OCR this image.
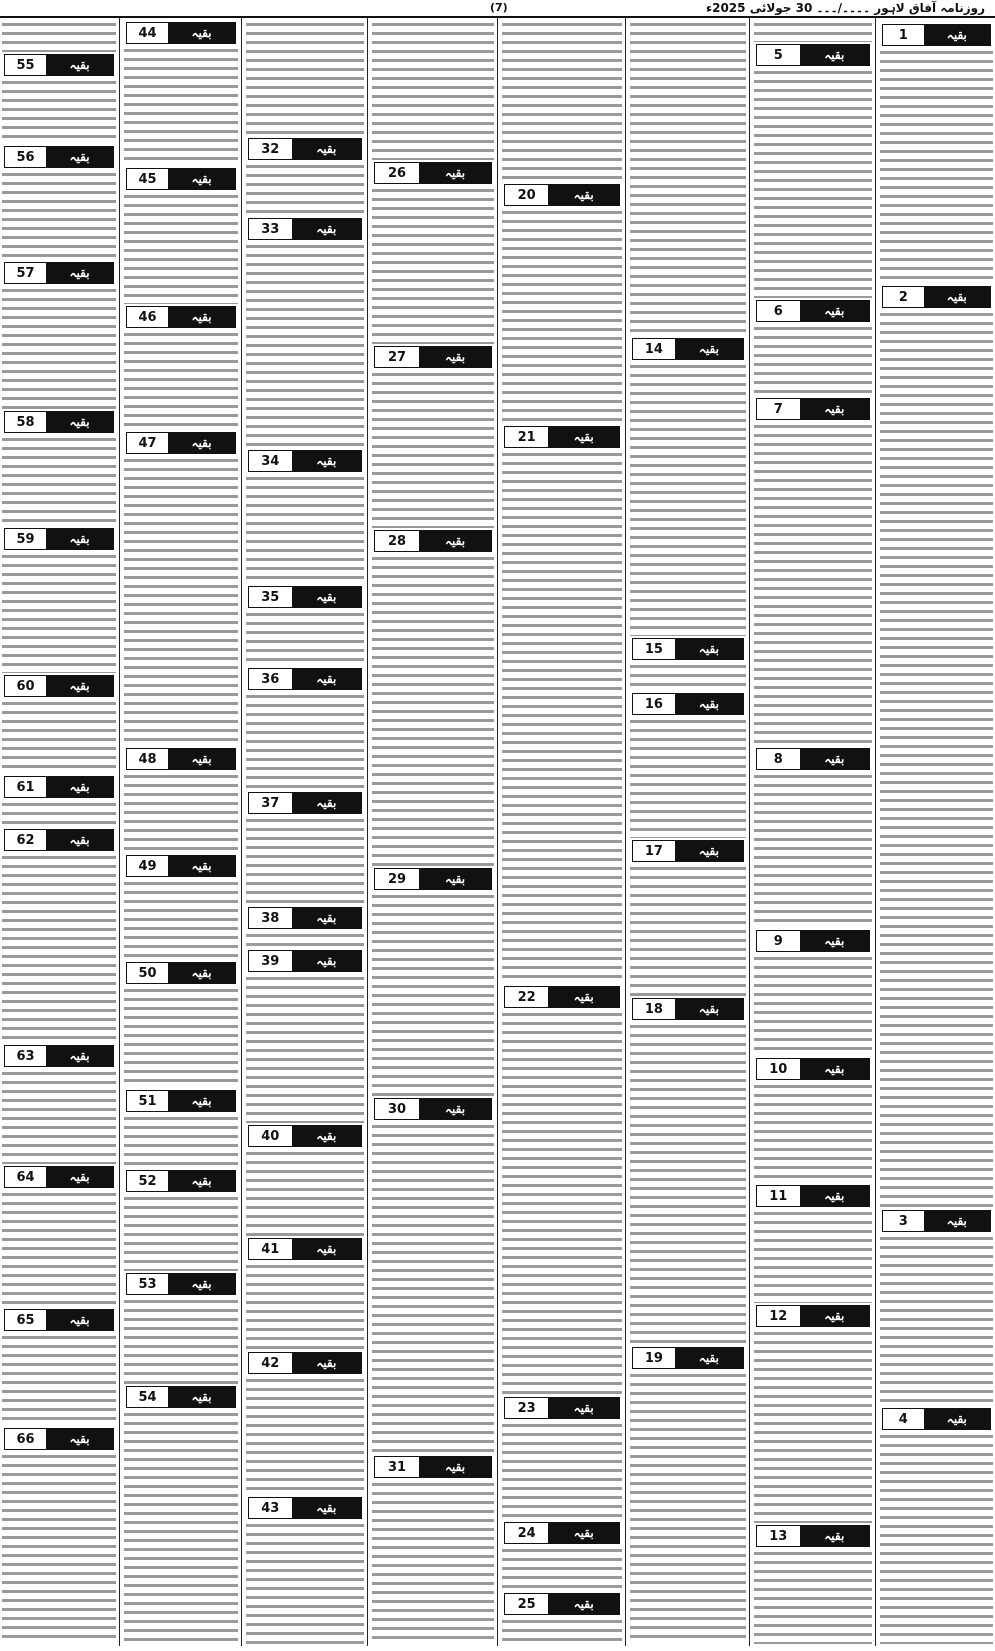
(7)	روزنامہ آفاق لاہور ۔۔۔۔/۔۔۔ 30 جولائی 2025ء
1	بقیہ
2	بقیہ
3	بقیہ
4	بقیہ
5	بقیہ
6	بقیہ
7	بقیہ
8	بقیہ
9	بقیہ
10	بقیہ
11	بقیہ
12	بقیہ
13	بقیہ
14	بقیہ
15	بقیہ
16	بقیہ
17	بقیہ
18	بقیہ
19	بقیہ
20	بقیہ
21	بقیہ
22	بقیہ
23	بقیہ
24	بقیہ
25	بقیہ
26	بقیہ
27	بقیہ
28	بقیہ
29	بقیہ
30	بقیہ
31	بقیہ
32	بقیہ
33	بقیہ
34	بقیہ
35	بقیہ
36	بقیہ
37	بقیہ
38	بقیہ
39	بقیہ
40	بقیہ
41	بقیہ
42	بقیہ
43	بقیہ
44	بقیہ
45	بقیہ
46	بقیہ
47	بقیہ
48	بقیہ
49	بقیہ
50	بقیہ
51	بقیہ
52	بقیہ
53	بقیہ
54	بقیہ
55	بقیہ
56	بقیہ
57	بقیہ
58	بقیہ
59	بقیہ
60	بقیہ
61	بقیہ
62	بقیہ
63	بقیہ
64	بقیہ
65	بقیہ
66	بقیہ
